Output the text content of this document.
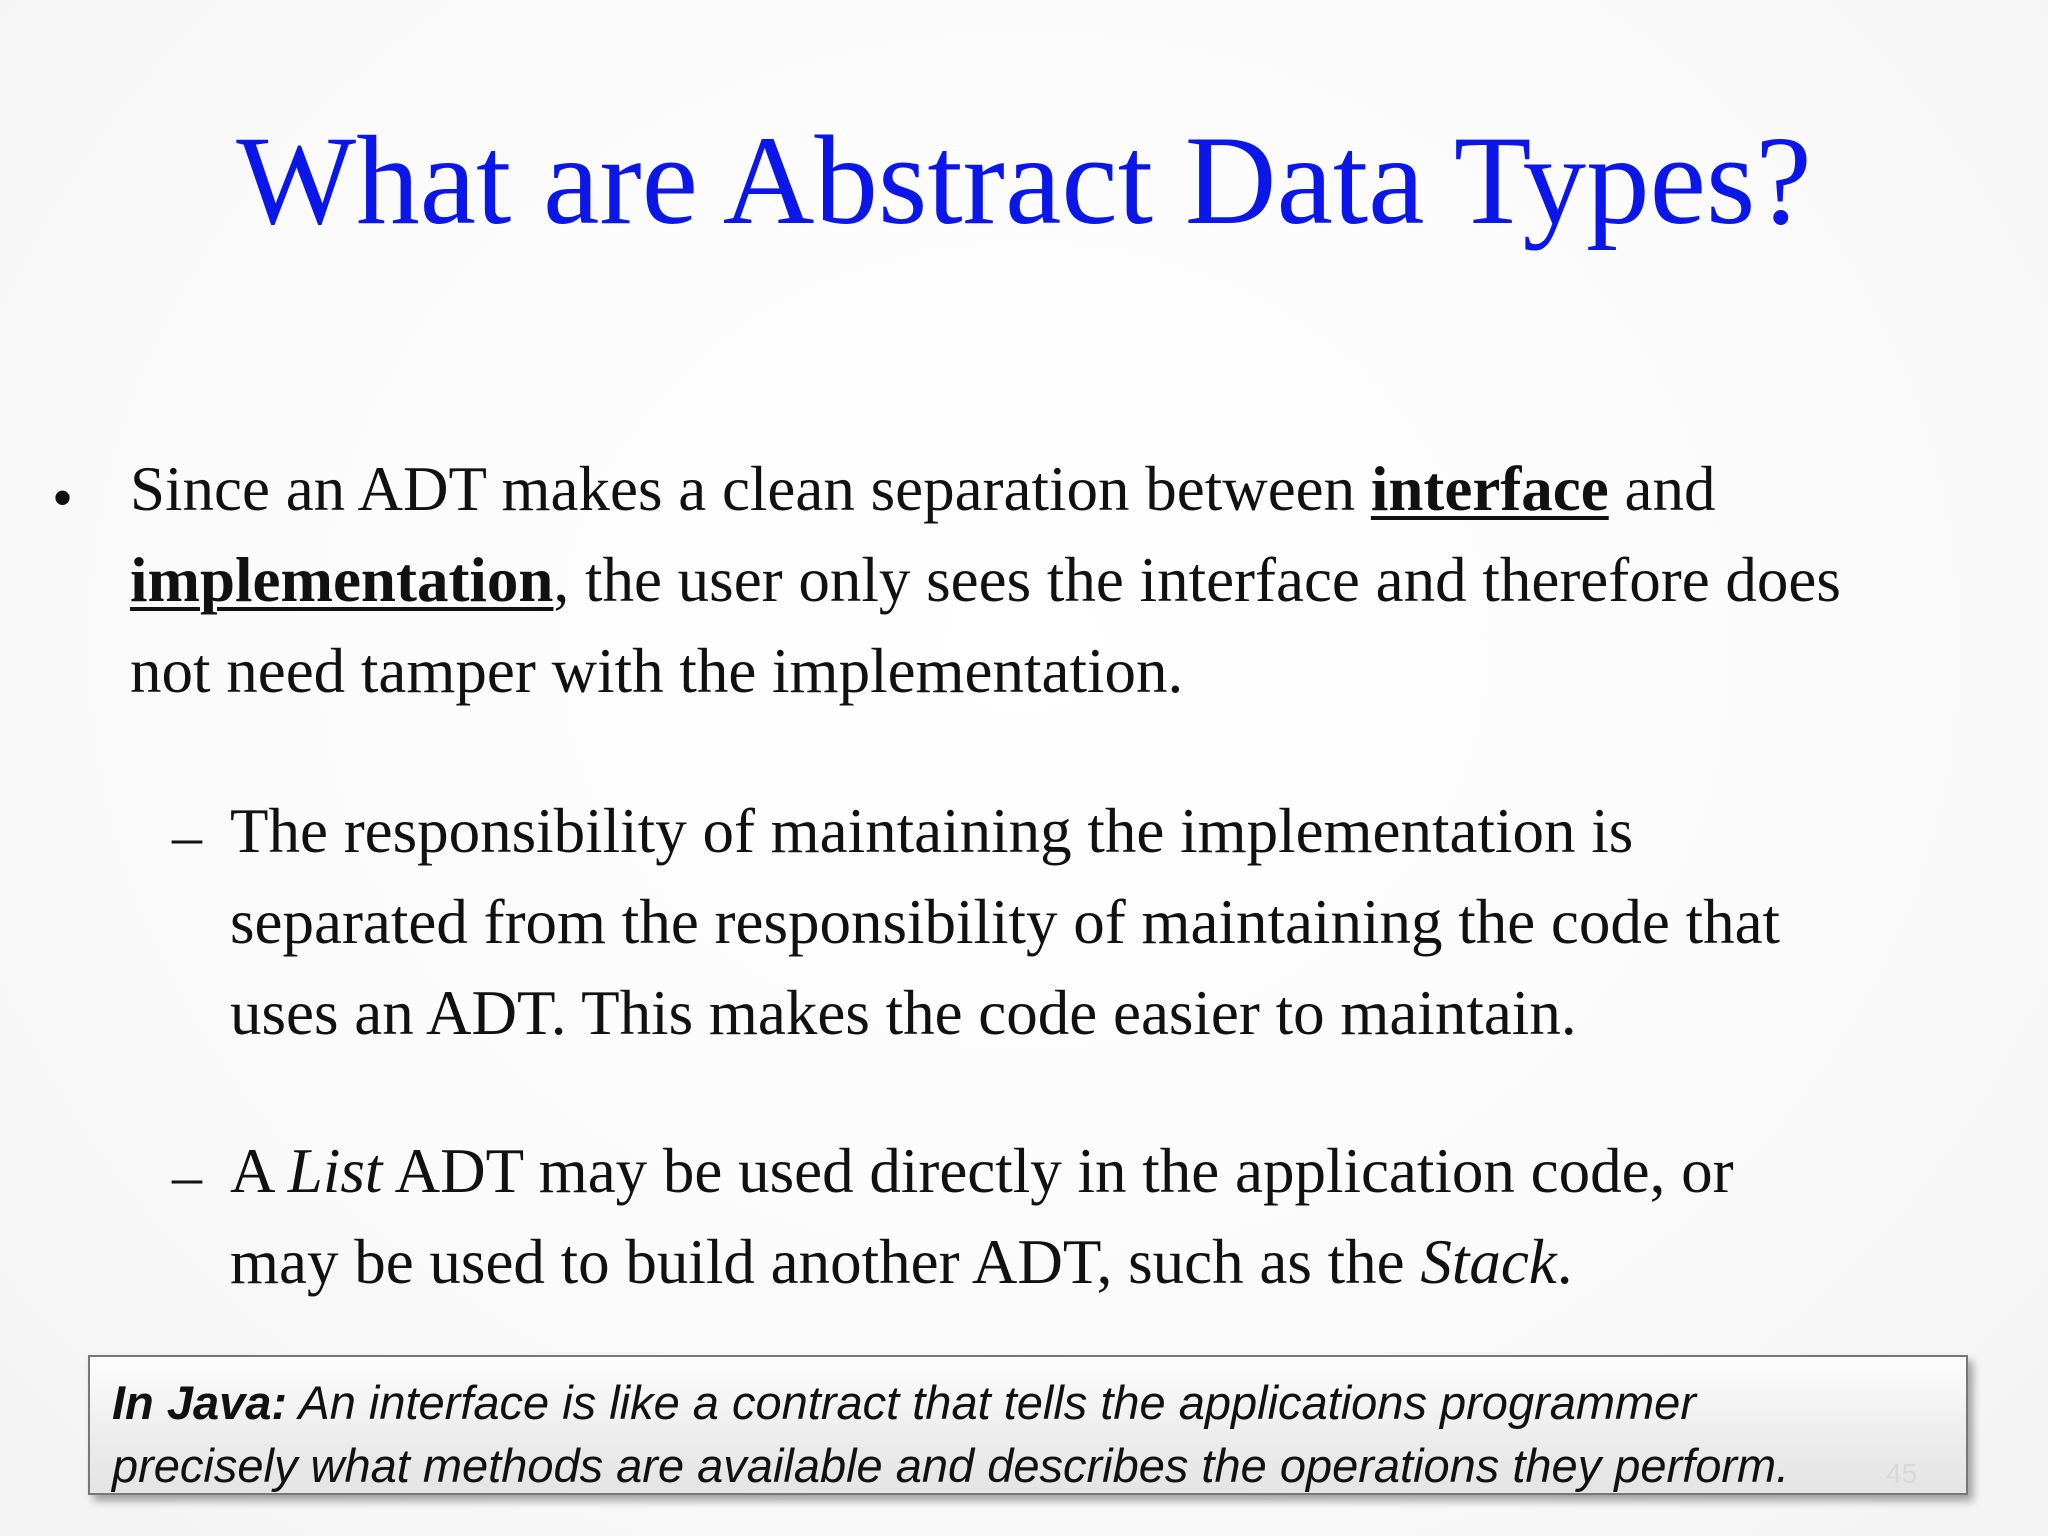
What are Abstract Data Types?
• Since an ADT makes a clean separation between interface and
implementation, the user only sees the interface and therefore does
not need tamper with the implementation.

– The responsibility of maintaining the implementation is
separated from the responsibility of maintaining the code that
uses an ADT. This makes the code easier to maintain.

– A List ADT may be used directly in the application code, or
may be used to build another ADT, such as the Stack.

In Java: An interface is like a contract that tells the applications programmer
precisely what methods are available and describes the operations they perform.	45
